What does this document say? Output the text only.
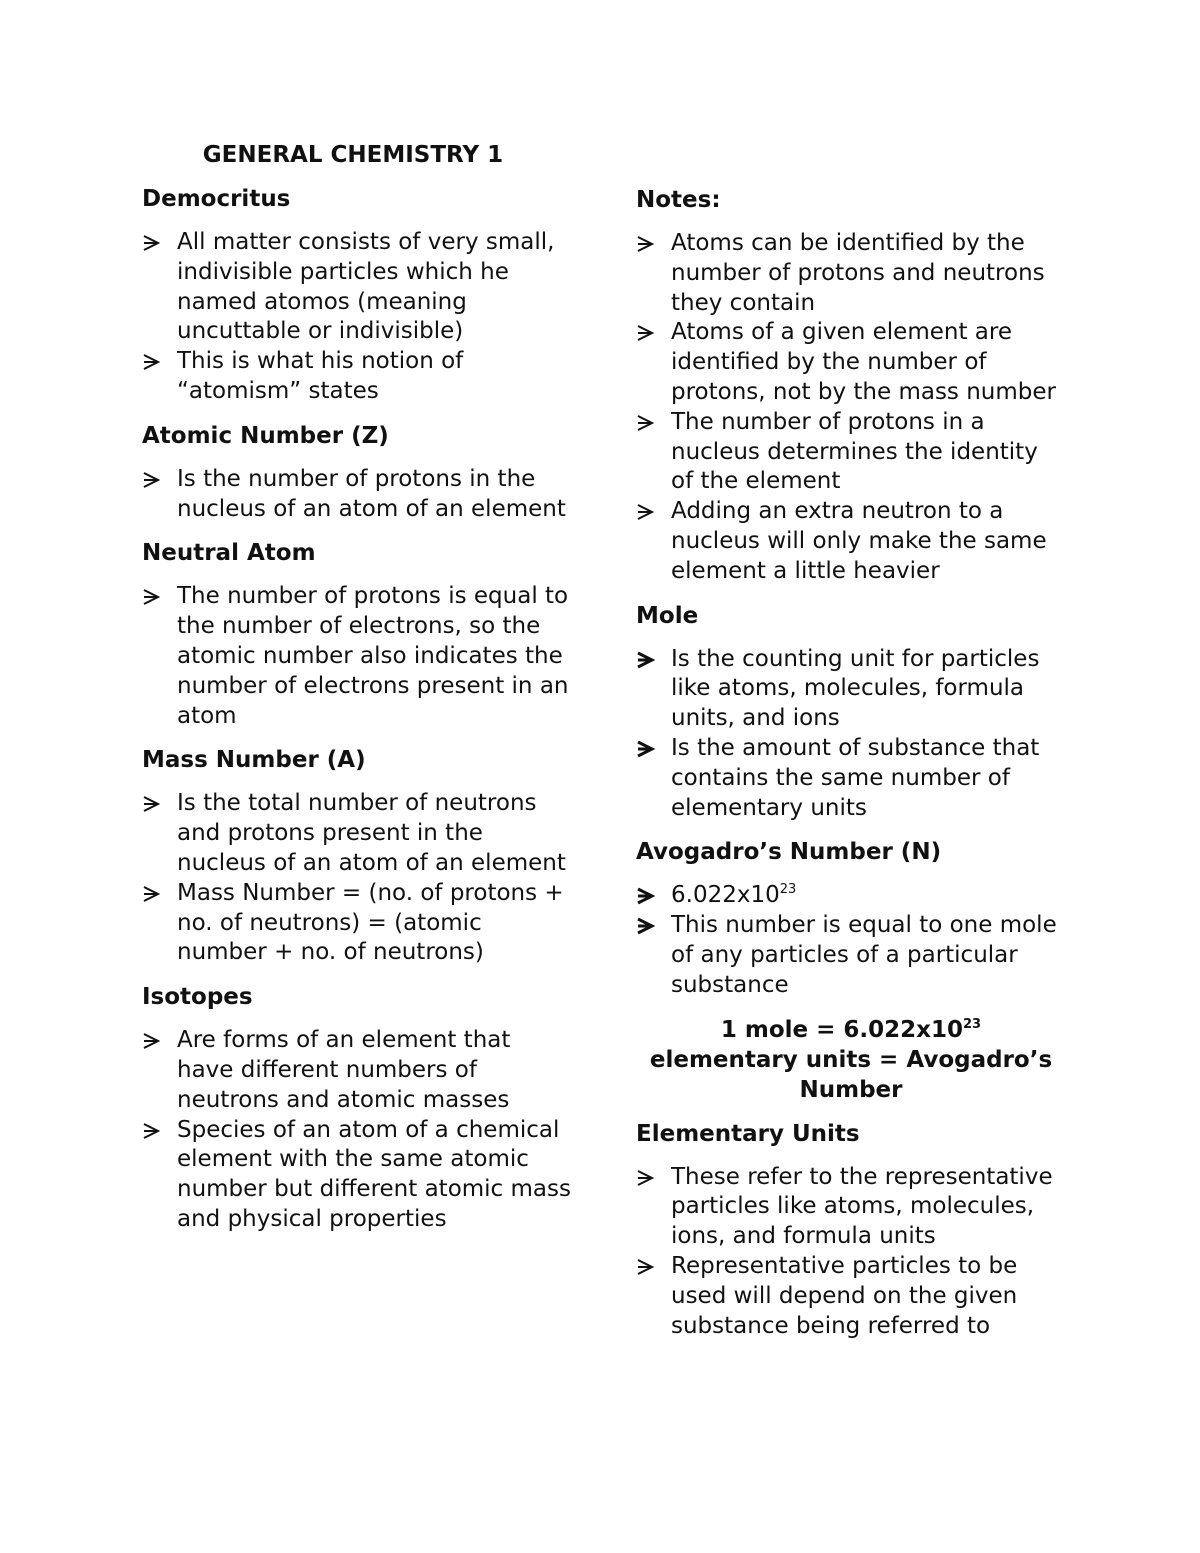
GENERAL CHEMISTRY 1
Democritus
All matter consists of very small, indivisible particles which he named atomos (meaning uncuttable or indivisible)
This is what his notion of “atomism” states
Atomic Number (Z)
Is the number of protons in the nucleus of an atom of an element
Neutral Atom
The number of protons is equal to the number of electrons, so the atomic number also indicates the number of electrons present in an atom
Mass Number (A)
Is the total number of neutrons and protons present in the nucleus of an atom of an element
Mass Number = (no. of protons + no. of neutrons) = (atomic number + no. of neutrons)
Isotopes
Are forms of an element that have different numbers of neutrons and atomic masses
Species of an atom of a chemical element with the same atomic number but different atomic mass and physical properties
Notes:
Atoms can be identified by the number of protons and neutrons they contain
Atoms of a given element are identified by the number of protons, not by the mass number
The number of protons in a nucleus determines the identity of the element
Adding an extra neutron to a nucleus will only make the same element a little heavier
Mole
Is the counting unit for particles like atoms, molecules, formula units, and ions
Is the amount of substance that contains the same number of elementary units
Avogadro’s Number (N)
$6.022x10^{23}$
This number is equal to one mole of any particles of a particular substance
1 mole = $6.022x10^{23}$
elementary units = Avogadro’s Number
Elementary Units
These refer to the representative particles like atoms, molecules, ions, and formula units
Representative particles to be used will depend on the given substance being referred to
